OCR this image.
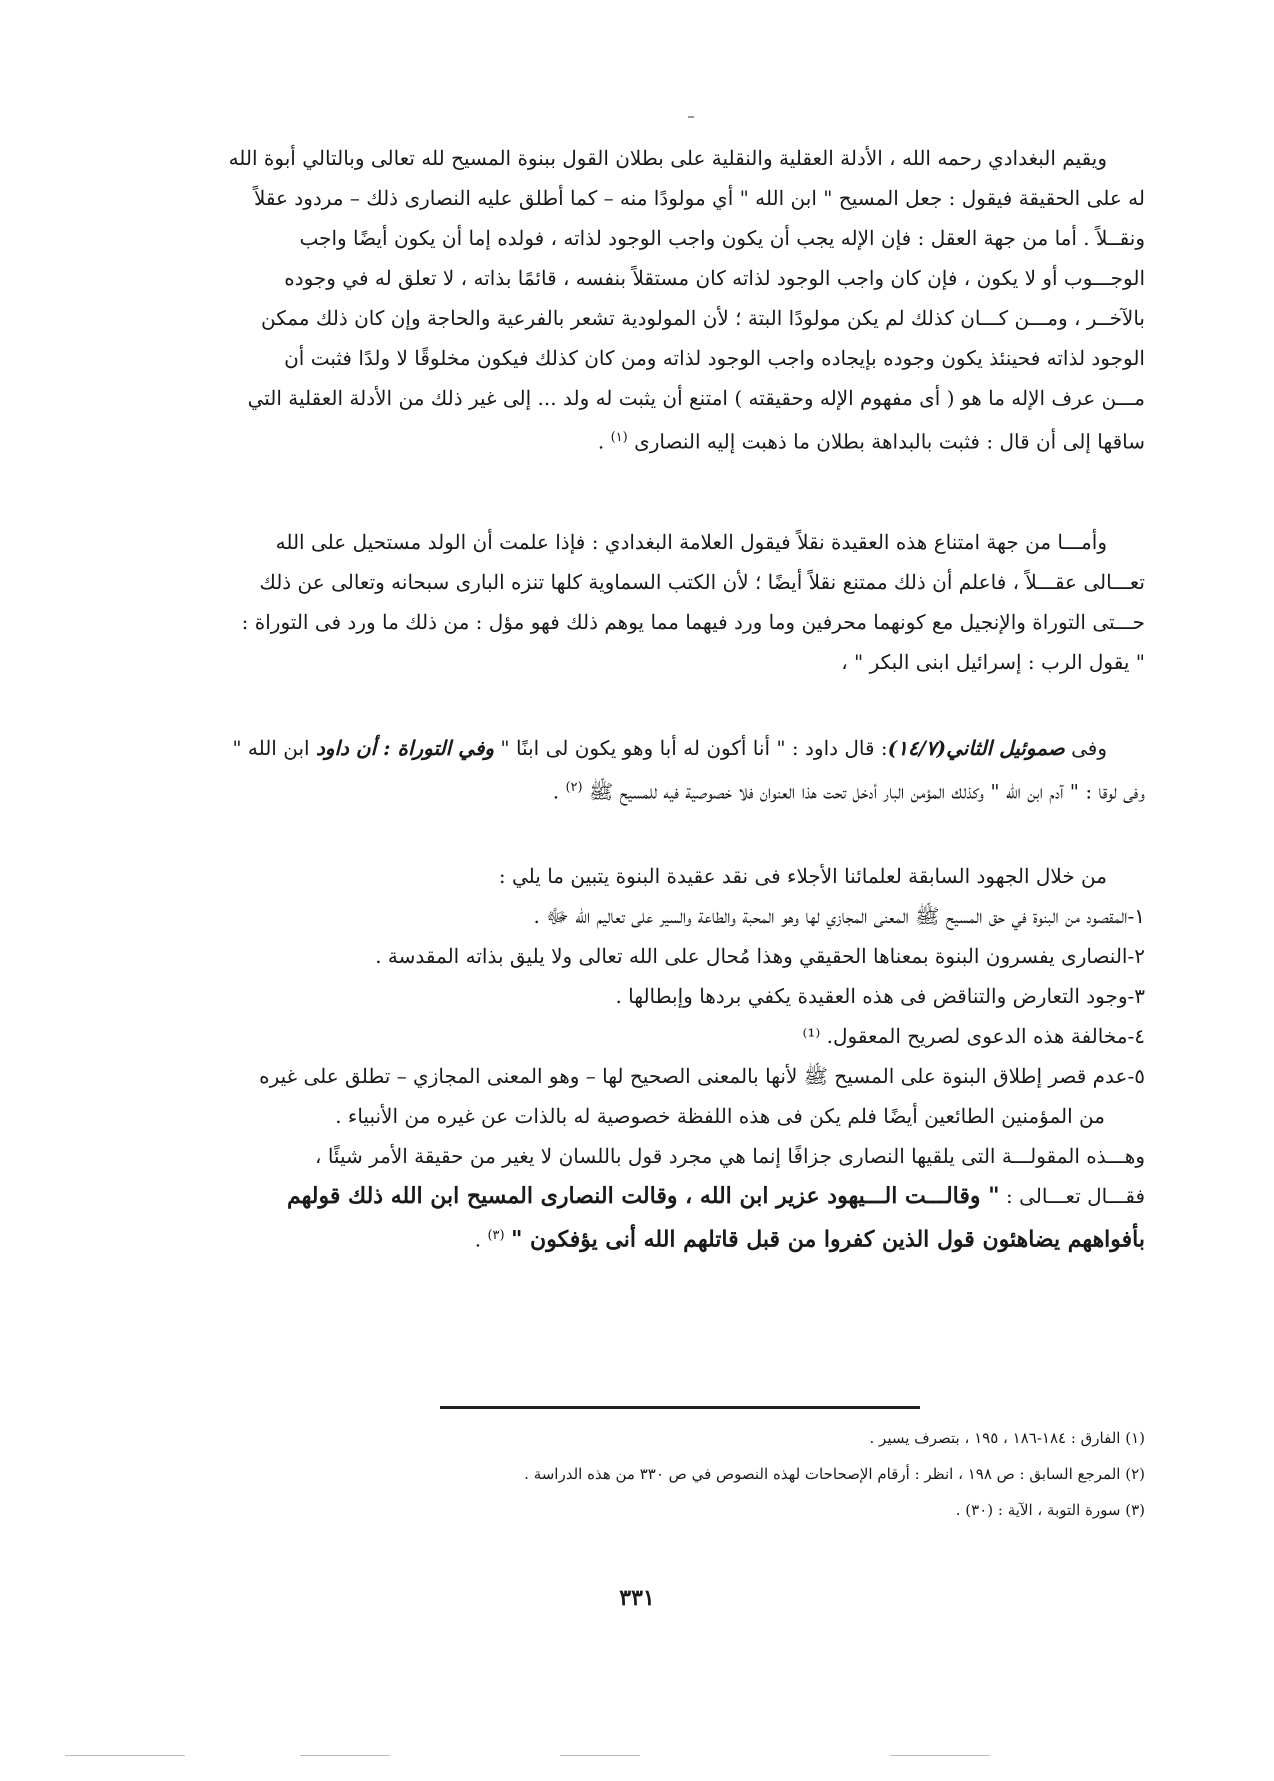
ويقيم البغدادي رحمه الله ، الأدلة العقلية والنقلية على بطلان القول ببنوة المسيح لله تعالى وبالتالي أبوة الله

له على الحقيقة فيقول : جعل المسيح " ابن الله " أي مولودًا منه – كما أطلق عليه النصارى ذلك – مردود عقلاً

ونقــلاً . أما من جهة العقل : فإن الإله يجب أن يكون واجب الوجود لذاته ، فولده إما أن يكون أيضًا واجب

الوجـــوب أو لا يكون ، فإن كان واجب الوجود لذاته كان مستقلاً بنفسه ، قائمًا بذاته ، لا تعلق له في وجوده

بالآخــر ، ومـــن كـــان كذلك لم يكن مولودًا البتة ؛ لأن المولودية تشعر بالفرعية والحاجة وإن كان ذلك ممكن

الوجود لذاته فحينئذ يكون وجوده بإيجاده واجب الوجود لذاته ومن كان كذلك فيكون مخلوقًا لا ولدًا فثبت أن

مـــن عرف الإله ما هو ( أى مفهوم الإله وحقيقته ) امتنع أن يثبت له ولد ... إلى غير ذلك من الأدلة العقلية التي

ساقها إلى أن قال : فثبت بالبداهة بطلان ما ذهبت إليه النصارى $^{(١)}$ .

وأمـــا من جهة امتناع هذه العقيدة نقلاً فيقول العلامة البغدادي : فإذا علمت أن الولد مستحيل على الله

تعـــالى عقـــلاً ، فاعلم أن ذلك ممتنع نقلاً أيضًا ؛ لأن الكتب السماوية كلها تنزه البارى سبحانه وتعالى عن ذلك

حـــتى التوراة والإنجيل مع كونهما محرفين وما ورد فيهما مما يوهم ذلك فهو مؤل : من ذلك ما ورد فى التوراة :

" يقول الرب : إسرائيل ابنى البكر " ،

وفى صموئيل الثاني(١٤/٧): قال داود : " أنا أكون له أبا وهو يكون لى ابنًا " وفي التوراة : أن داود ابن الله "

وفى لوقا : " آدم ابن الله " وكذلك المؤمن البار أدخل تحت هذا العنوان فلا خصوصية فيه للمسيح ﷺ $^{(٢)}$ .

من خلال الجهود السابقة لعلمائنا الأجلاء فى نقد عقيدة البنوة يتبين ما يلي :
١-المقصود من البنوة في حق المسيح ﷺ المعنى المجازي لها وهو المحبة والطاعة والسير على تعاليم الله ﷻ .
٢-النصارى يفسرون البنوة بمعناها الحقيقي وهذا مُحال على الله تعالى ولا يليق بذاته المقدسة .
٣-وجود التعارض والتناقض فى هذه العقيدة يكفي بردها وإبطالها .
٤-مخالفة هذه الدعوى لصريح المعقول. ‎⁽¹⁾
٥-عدم قصر إطلاق البنوة على المسيح ﷺ لأنها بالمعنى الصحيح لها – وهو المعنى المجازي – تطلق على غيره
من المؤمنين الطائعين أيضًا فلم يكن فى هذه اللفظة خصوصية له بالذات عن غيره من الأنبياء .
وهـــذه المقولـــة التى يلقيها النصارى جزافًا إنما هي مجرد قول باللسان لا يغير من حقيقة الأمر شيئًا ،
فقـــال تعـــالى : " وقالـــت الـــيهود عزير ابن الله ، وقالت النصارى المسيح ابن الله ذلك قولهم
بأفواههم يضاهئون قول الذين كفروا من قبل قاتلهم الله أنى يؤفكون " $^{(٣)}$ .
(١) الفارق : ١٨٤-١٨٦ ، ١٩٥ ، بتصرف يسير .
(٢) المرجع السابق : ص ١٩٨ ، انظر : أرقام الإصحاحات لهذه النصوص في ص ٣٣٠ من هذه الدراسة .
(٣) سورة التوبة ، الآية : (٣٠) .
٣٣١
